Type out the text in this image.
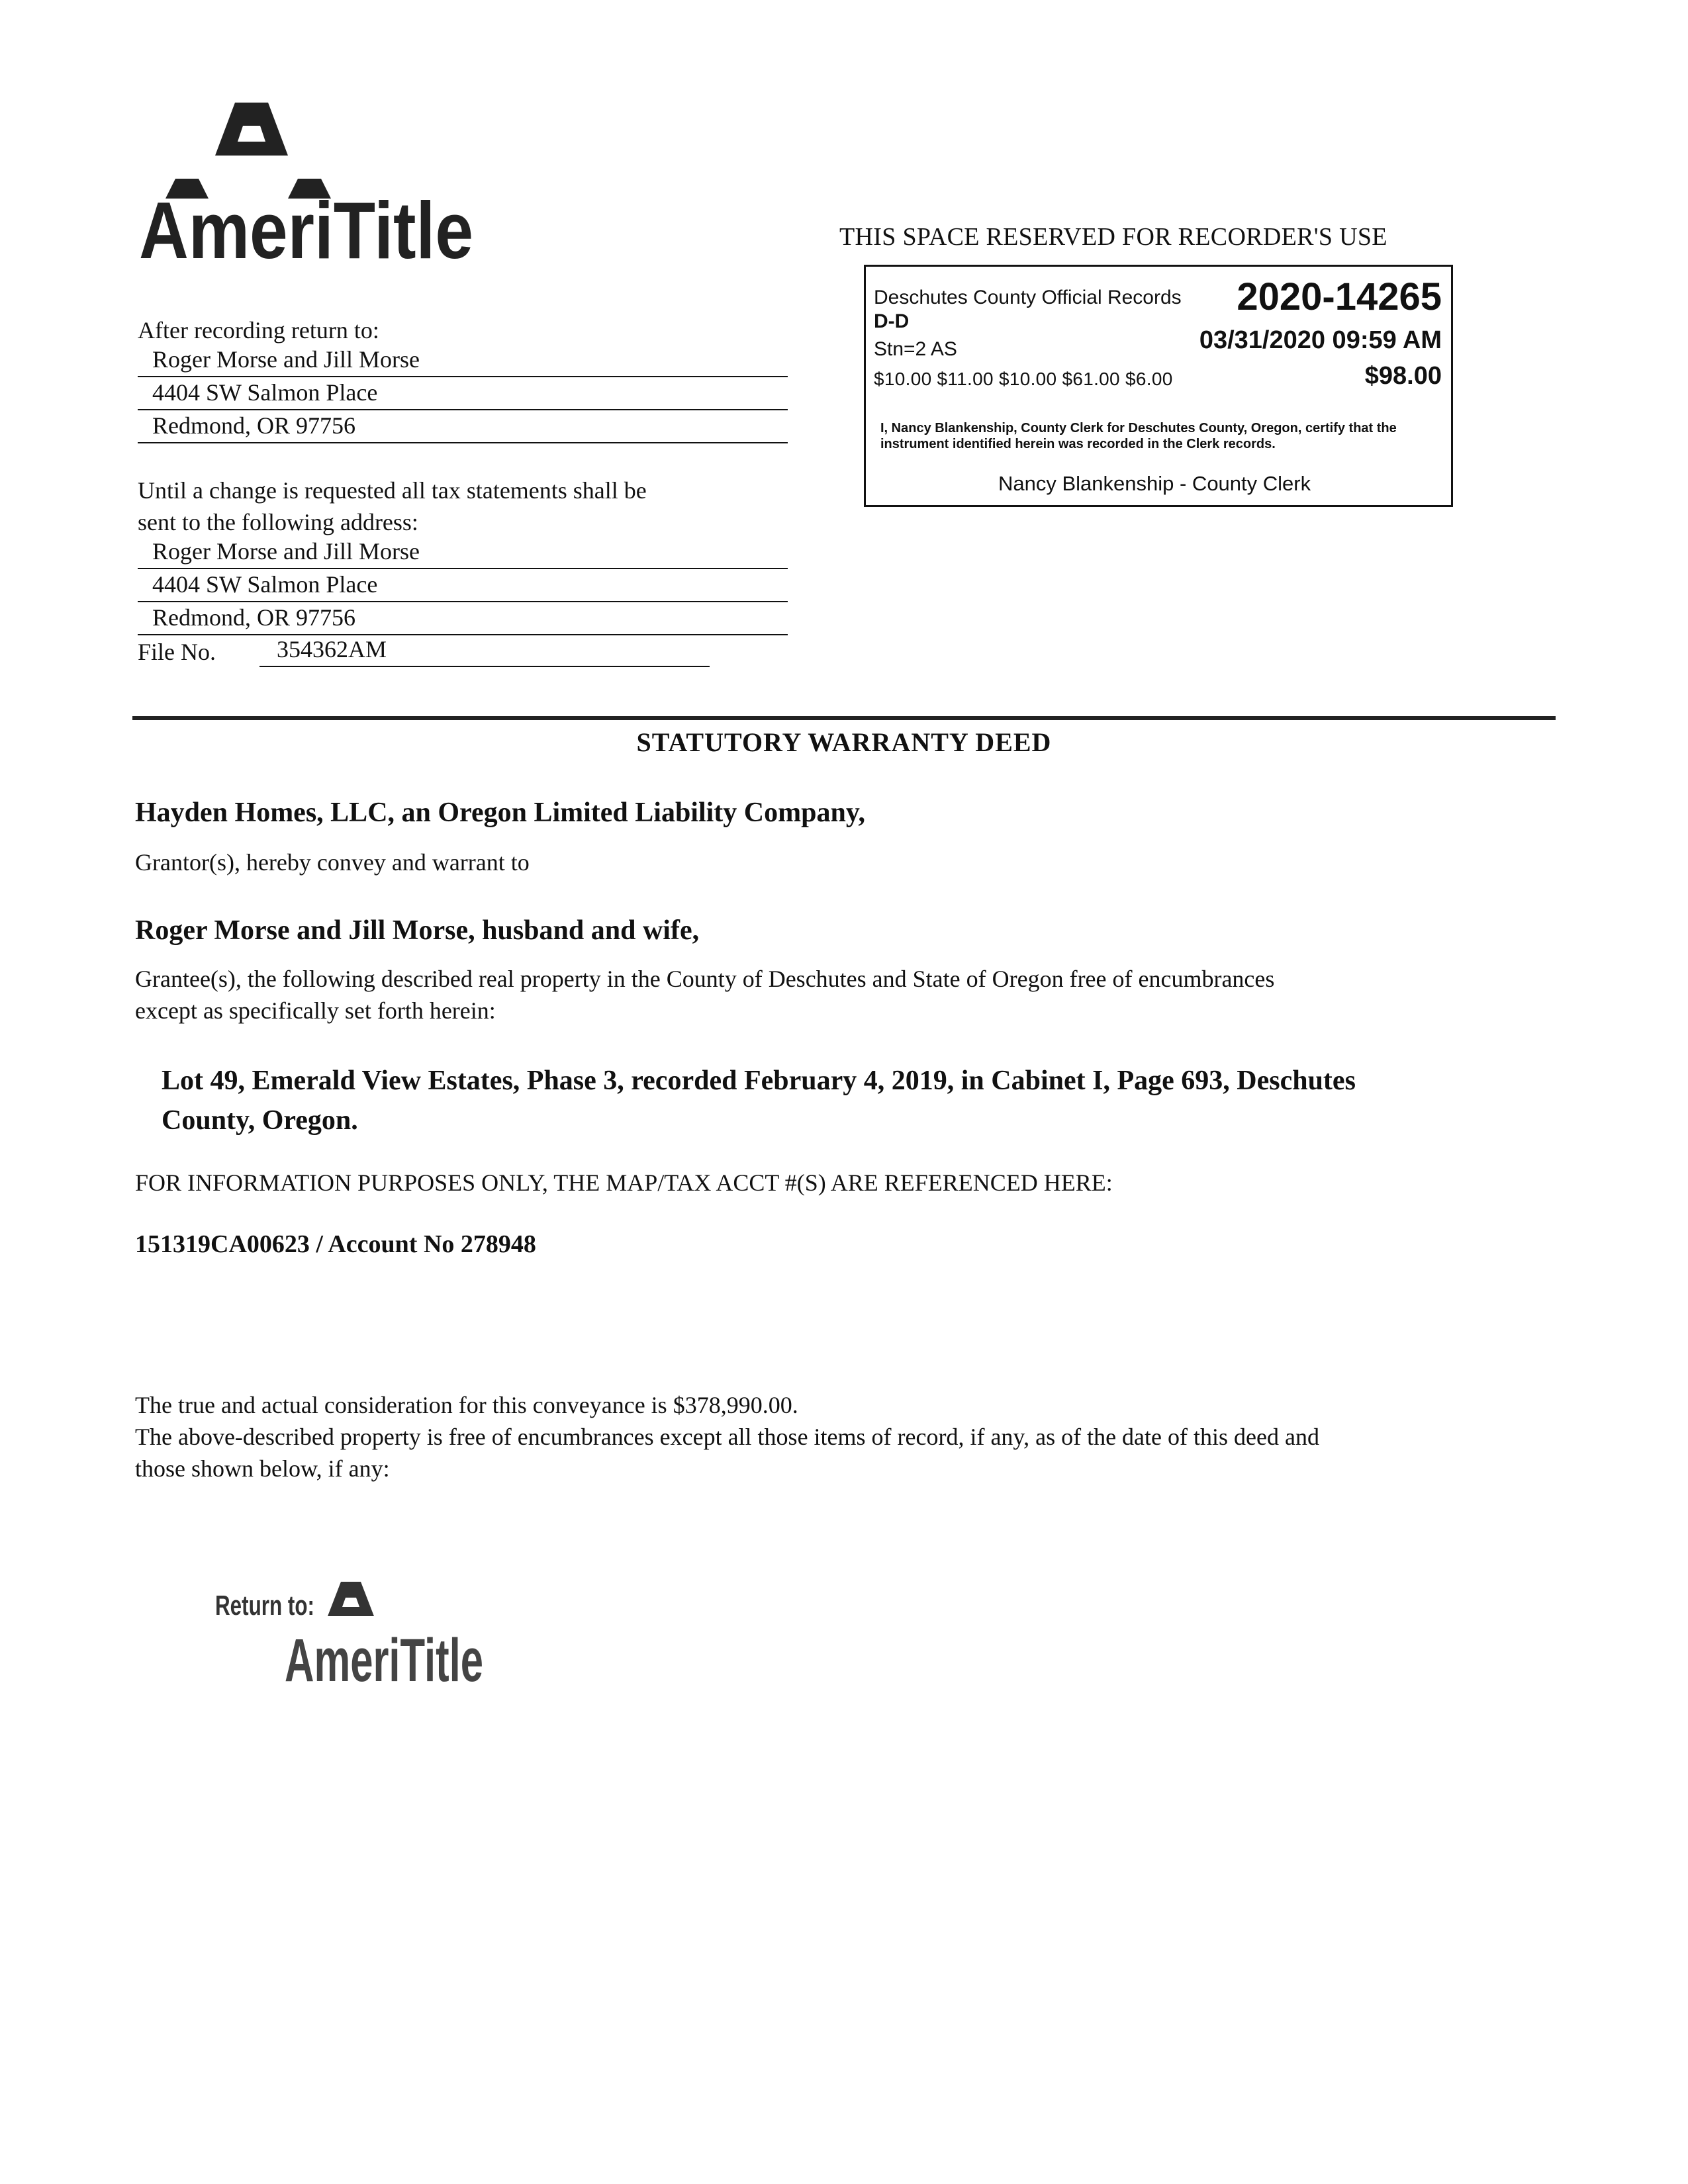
AmeriTitle	THIS SPACE RESERVED FOR RECORDER'S USE
Deschutes County Official Records 2020-14265
D-D
Stn=2 AS	03/31/2020 09:59 AM
$10.00 $11.00 $10.00 $61.00 $6.00	$98.00
I, Nancy Blankenship, County Clerk for Deschutes County, Oregon, certify that the instrument identified herein was recorded in the Clerk records.
Nancy Blankenship - County Clerk
After recording return to:
Roger Morse and Jill Morse
4404 SW Salmon Place
Redmond, OR 97756
Until a change is requested all tax statements shall be
sent to the following address:
Roger Morse and Jill Morse
4404 SW Salmon Place
Redmond, OR 97756
File No.	354362AM
STATUTORY WARRANTY DEED
Hayden Homes, LLC, an Oregon Limited Liability Company,
Grantor(s), hereby convey and warrant to
Roger Morse and Jill Morse, husband and wife,
Grantee(s), the following described real property in the County of Deschutes and State of Oregon free of encumbrances
except as specifically set forth herein:
Lot 49, Emerald View Estates, Phase 3, recorded February 4, 2019, in Cabinet I, Page 693, Deschutes
County, Oregon.
FOR INFORMATION PURPOSES ONLY, THE MAP/TAX ACCT #(S) ARE REFERENCED HERE:
151319CA00623 / Account No 278948
The true and actual consideration for this conveyance is $378,990.00.
The above-described property is free of encumbrances except all those items of record, if any, as of the date of this deed and
those shown below, if any:
Return to:
AmeriTitle
